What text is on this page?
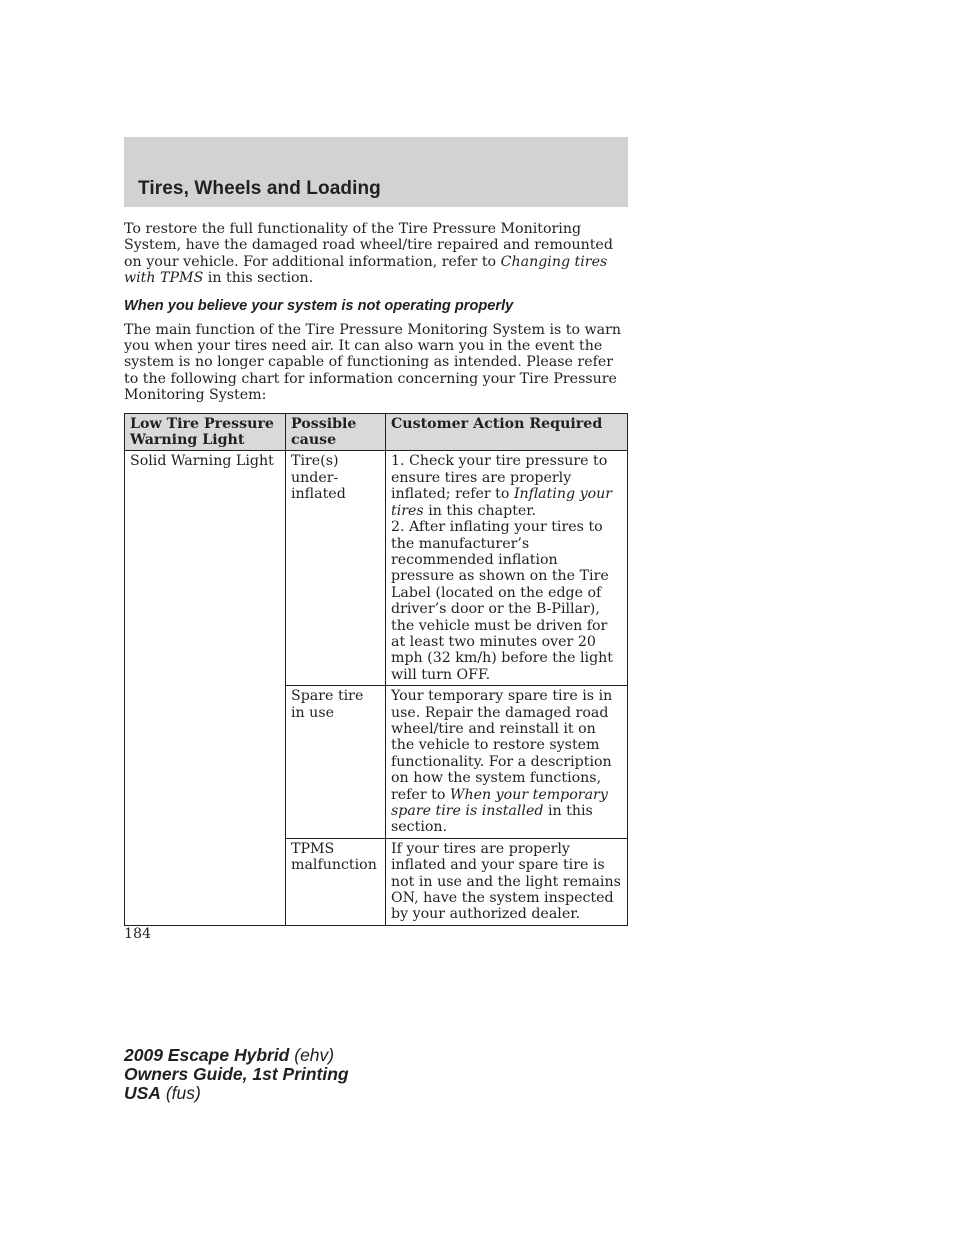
Tires, Wheels and Loading

To restore the full functionality of the Tire Pressure Monitoring System, have the damaged road wheel/tire repaired and remounted on your vehicle. For additional information, refer to Changing tires with TPMS in this section.

When you believe your system is not operating properly

The main function of the Tire Pressure Monitoring System is to warn you when your tires need air. It can also warn you in the event the system is no longer capable of functioning as intended. Please refer to the following chart for information concerning your Tire Pressure Monitoring System:

Low Tire Pressure Warning Light	Possible cause	Customer Action Required
Solid Warning Light	Tire(s) under-inflated	1. Check your tire pressure to ensure tires are properly inflated; refer to Inflating your tires in this chapter.
2. After inflating your tires to the manufacturer’s recommended inflation pressure as shown on the Tire Label (located on the edge of driver’s door or the B-Pillar), the vehicle must be driven for at least two minutes over 20 mph (32 km/h) before the light will turn OFF.
	Spare tire in use	Your temporary spare tire is in use. Repair the damaged road wheel/tire and reinstall it on the vehicle to restore system functionality. For a description on how the system functions, refer to When your temporary spare tire is installed in this section.
	TPMS malfunction	If your tires are properly inflated and your spare tire is not in use and the light remains ON, have the system inspected by your authorized dealer.
184
2009 Escape Hybrid (ehv)
Owners Guide, 1st Printing
USA (fus)
